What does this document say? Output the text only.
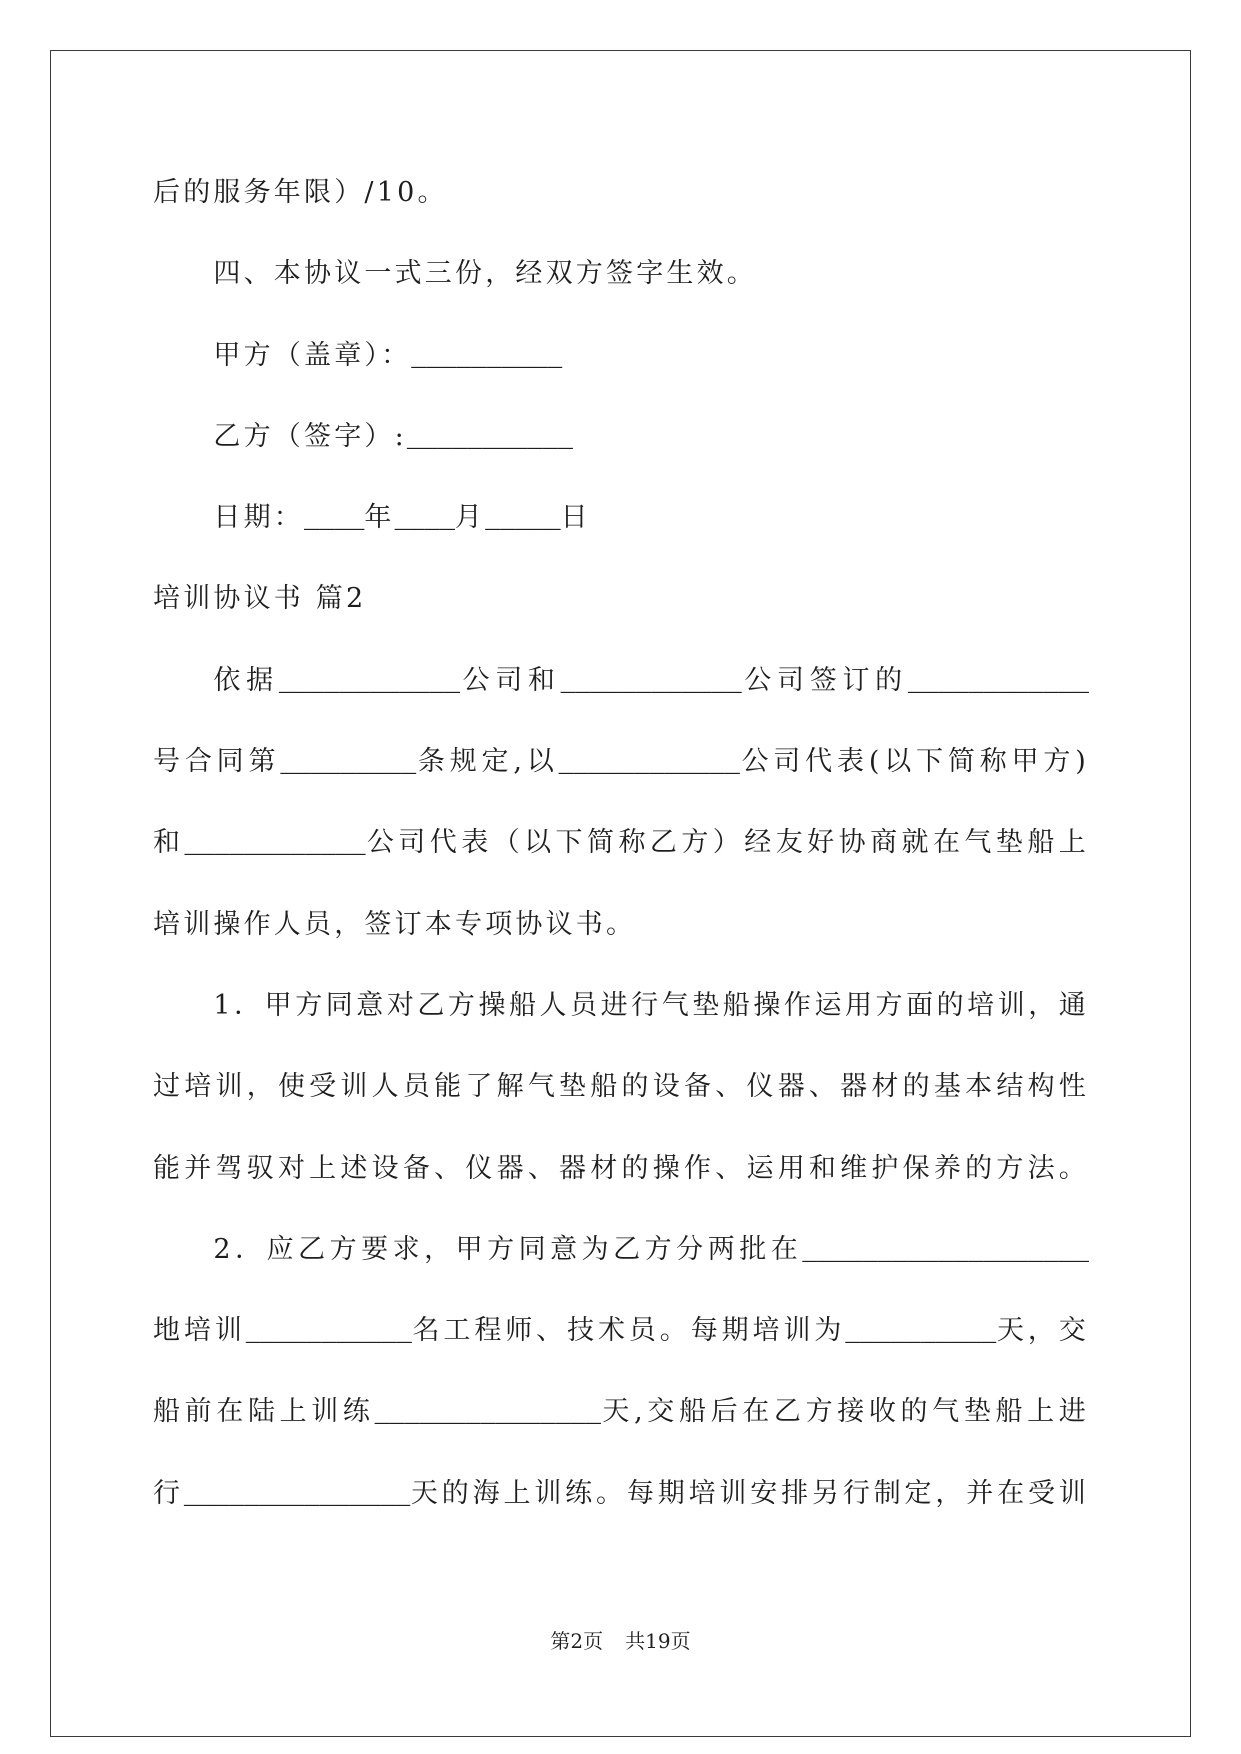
后的服务年限）/10。
四、本协议一式三份，经双方签字生效。
甲方（盖章）：__________
乙方（签字）:___________
日期：____年____月_____日
培训协议书 篇2
依据____________公司和____________公司签订的____________
号合同第_________条规定,以____________公司代表(以下简称甲方)
和____________公司代表（以下简称乙方）经友好协商就在气垫船上
培训操作人员，签订本专项协议书。
1．甲方同意对乙方操船人员进行气垫船操作运用方面的培训，通
过培训，使受训人员能了解气垫船的设备、仪器、器材的基本结构性
能并驾驭对上述设备、仪器、器材的操作、运用和维护保养的方法。
2．应乙方要求，甲方同意为乙方分两批在___________________
地培训___________名工程师、技术员。每期培训为__________天，交
船前在陆上训练_______________天,交船后在乙方接收的气垫船上进
行_______________天的海上训练。每期培训安排另行制定，并在受训
第2页 共19页
